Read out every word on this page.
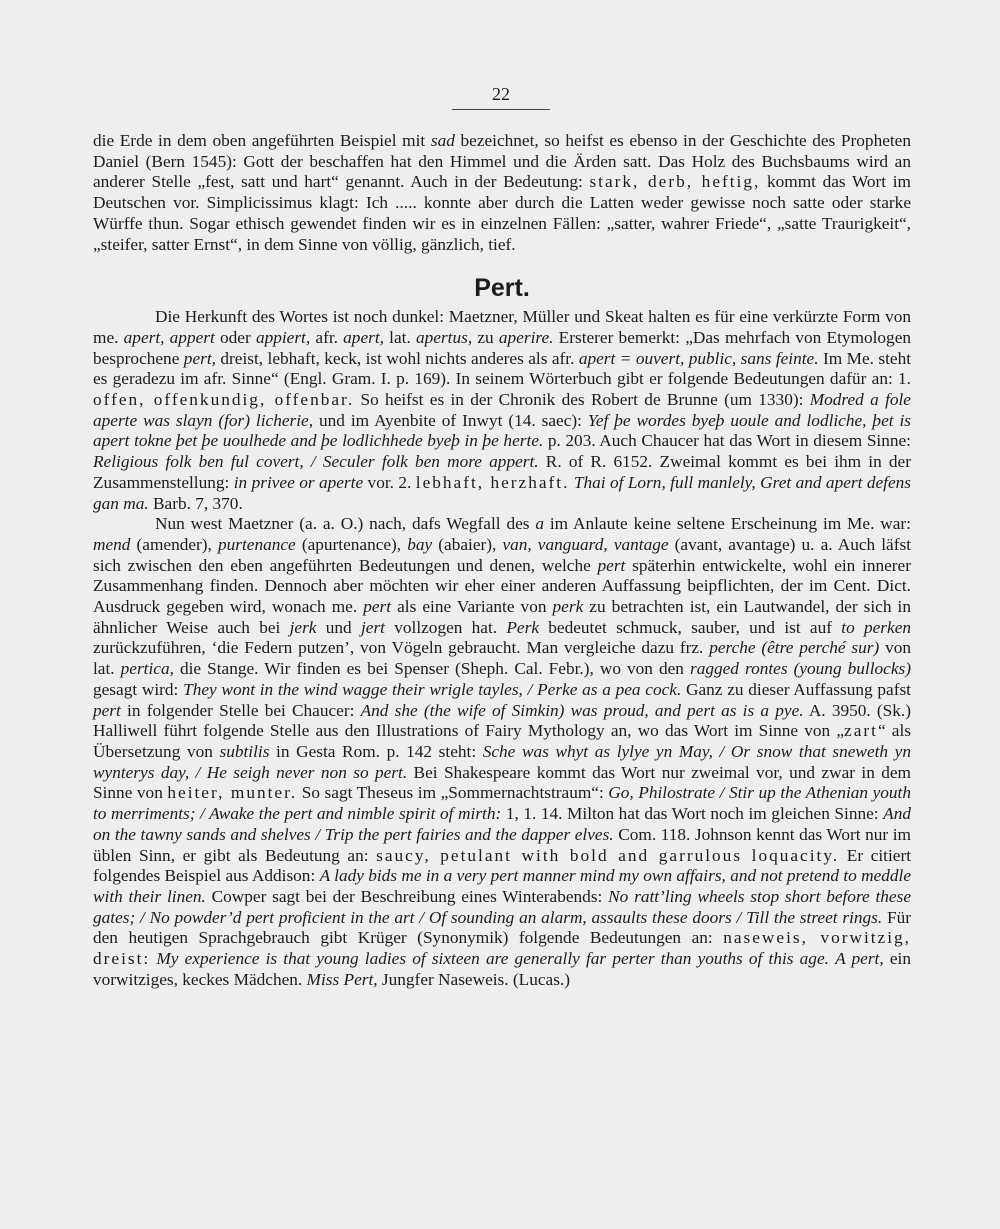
22

die Erde in dem oben angeführten Beispiel mit sad bezeichnet, so heifst es ebenso in der Geschichte des Propheten Daniel (Bern 1545): Gott der beschaffen hat den Himmel und die Ärden satt. Das Holz des Buchsbaums wird an anderer Stelle „fest, satt und hart“ genannt. Auch in der Bedeutung: stark, derb, heftig, kommt das Wort im Deutschen vor. Simplicissimus klagt: Ich ..... konnte aber durch die Latten weder gewisse noch satte oder starke Würffe thun. Sogar ethisch gewendet finden wir es in einzelnen Fällen: „satter, wahrer Friede“, „satte Traurigkeit“, „steifer, satter Ernst“, in dem Sinne von völlig, gänzlich, tief.

Pert.

Die Herkunft des Wortes ist noch dunkel: Maetzner, Müller und Skeat halten es für eine verkürzte Form von me. apert, appert oder appiert, afr. apert, lat. apertus, zu aperire. Ersterer bemerkt: „Das mehrfach von Etymologen besprochene pert, dreist, lebhaft, keck, ist wohl nichts anderes als afr. apert = ouvert, public, sans feinte. Im Me. steht es geradezu im afr. Sinne“ (Engl. Gram. I. p. 169). In seinem Wörterbuch gibt er folgende Bedeutungen dafür an: 1. offen, offenkundig, offenbar. So heifst es in der Chronik des Robert de Brunne (um 1330): Modred a fole aperte was slayn (for) licherie, und im Ayenbite of Inwyt (14. saec): Yef þe wordes byeþ uoule and lodliche, þet is apert tokne þet þe uoulhede and þe lodlichhede byeþ in þe herte. p. 203. Auch Chaucer hat das Wort in diesem Sinne: Religious folk ben ful covert, / Seculer folk ben more appert. R. of R. 6152. Zweimal kommt es bei ihm in der Zusammenstellung: in privee or aperte vor. 2. lebhaft, herzhaft. Thai of Lorn, full manlely, Gret and apert defens gan ma. Barb. 7, 370.

Nun west Maetzner (a. a. O.) nach, dafs Wegfall des a im Anlaute keine seltene Erscheinung im Me. war: mend (amender), purtenance (apurtenance), bay (abaier), van, vanguard, vantage (avant, avantage) u. a. Auch läfst sich zwischen den eben angeführten Bedeutungen und denen, welche pert späterhin entwickelte, wohl ein innerer Zusammenhang finden. Dennoch aber möchten wir eher einer anderen Auffassung beipflichten, der im Cent. Dict. Ausdruck gegeben wird, wonach me. pert als eine Variante von perk zu betrachten ist, ein Lautwandel, der sich in ähnlicher Weise auch bei jerk und jert vollzogen hat. Perk bedeutet schmuck, sauber, und ist auf to perken zurückzuführen, ‘die Federn putzen’, von Vögeln gebraucht. Man vergleiche dazu frz. perche (être perché sur) von lat. pertica, die Stange. Wir finden es bei Spenser (Sheph. Cal. Febr.), wo von den ragged rontes (young bullocks) gesagt wird: They wont in the wind wagge their wrigle tayles, / Perke as a pea cock. Ganz zu dieser Auffassung pafst pert in folgender Stelle bei Chaucer: And she (the wife of Simkin) was proud, and pert as is a pye. A. 3950. (Sk.) Halliwell führt folgende Stelle aus den Illustrations of Fairy Mythology an, wo das Wort im Sinne von „zart“ als Übersetzung von subtilis in Gesta Rom. p. 142 steht: Sche was whyt as lylye yn May, / Or snow that sneweth yn wynterys day, / He seigh never non so pert. Bei Shakespeare kommt das Wort nur zweimal vor, und zwar in dem Sinne von heiter, munter. So sagt Theseus im „Sommernachtstraum“: Go, Philostrate / Stir up the Athenian youth to merriments; / Awake the pert and nimble spirit of mirth: 1, 1. 14. Milton hat das Wort noch im gleichen Sinne: And on the tawny sands and shelves / Trip the pert fairies and the dapper elves. Com. 118. Johnson kennt das Wort nur im üblen Sinn, er gibt als Bedeutung an: saucy, petulant with bold and garrulous loquacity. Er citiert folgendes Beispiel aus Addison: A lady bids me in a very pert manner mind my own affairs, and not pretend to meddle with their linen. Cowper sagt bei der Beschreibung eines Winterabends: No ratt’ling wheels stop short before these gates; / No powder’d pert proficient in the art / Of sounding an alarm, assaults these doors / Till the street rings. Für den heutigen Sprachgebrauch gibt Krüger (Synonymik) folgende Bedeutungen an: naseweis, vorwitzig, dreist: My experience is that young ladies of sixteen are generally far perter than youths of this age. A pert, ein vorwitziges, keckes Mädchen. Miss Pert, Jungfer Naseweis. (Lucas.)
